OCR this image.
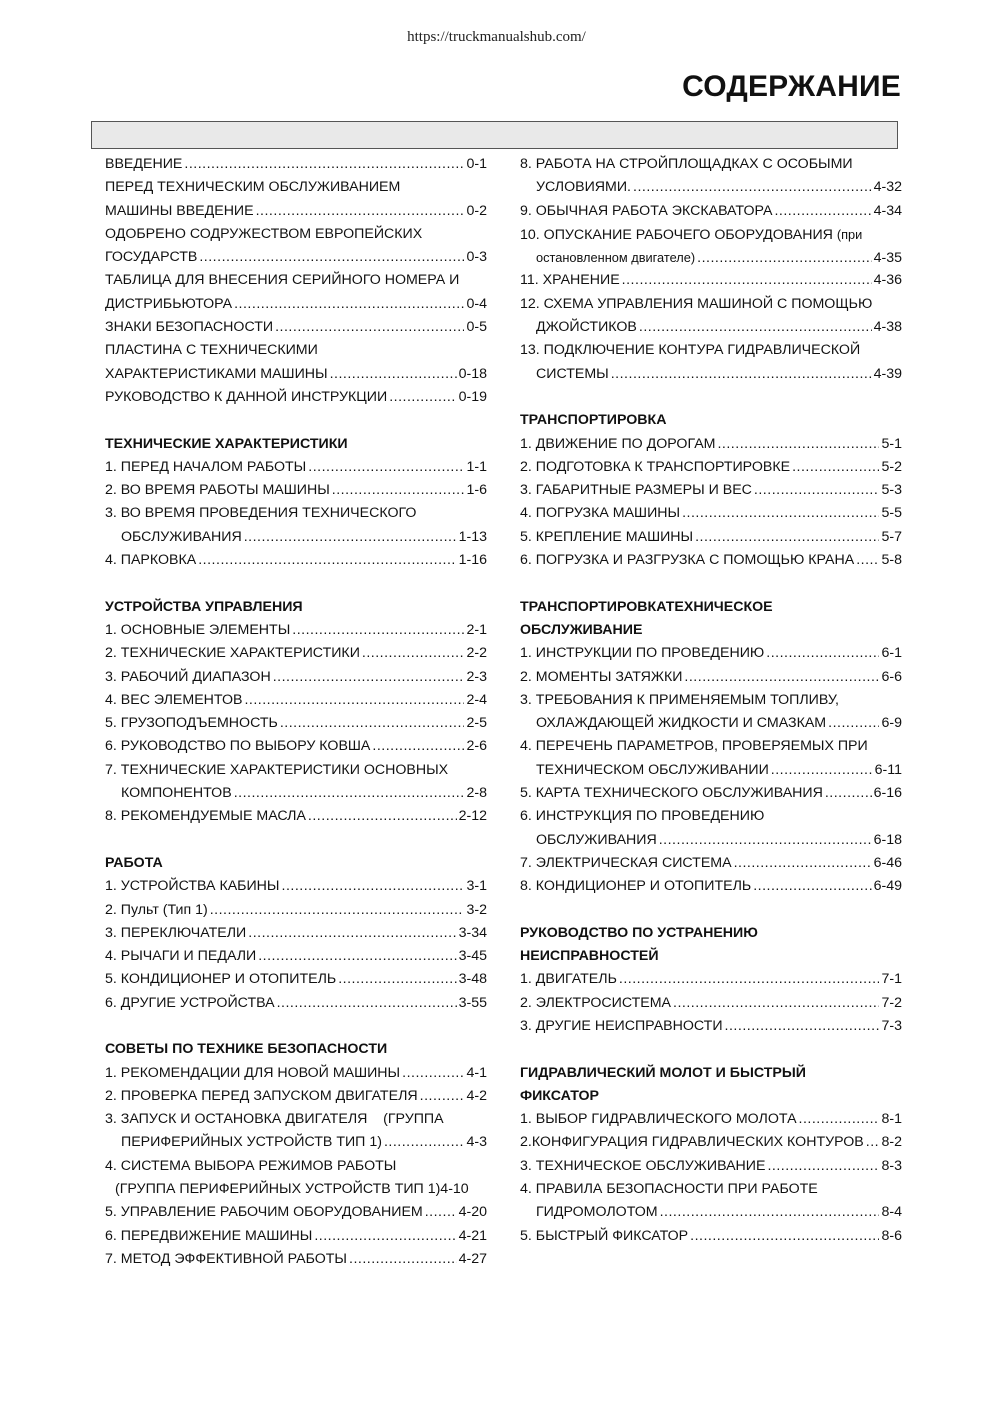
https://truckmanualshub.com/
СОДЕРЖАНИЕ
ВВЕДЕНИЕ .....	0-1
ПЕРЕД ТЕХНИЧЕСКИМ ОБСЛУЖИВАНИЕМ
МАШИНЫ ВВЕДЕНИЕ .....	0-2
ОДОБРЕНО СОДРУЖЕСТВОМ ЕВРОПЕЙСКИХ
ГОСУДАРСТВ .....	0-3
ТАБЛИЦА ДЛЯ ВНЕСЕНИЯ СЕРИЙНОГО НОМЕРА И
ДИСТРИБЬЮТОРА .....	0-4
ЗНАКИ БЕЗОПАСНОСТИ .....	0-5
ПЛАСТИНА С ТЕХНИЧЕСКИМИ
ХАРАКТЕРИСТИКАМИ МАШИНЫ .....	0-18
РУКОВОДСТВО К ДАННОЙ ИНСТРУКЦИИ .....	0-19
ТЕХНИЧЕСКИЕ ХАРАКТЕРИСТИКИ
1. ПЕРЕД НАЧАЛОМ РАБОТЫ .....	1-1
2. ВО ВРЕМЯ РАБОТЫ МАШИНЫ .....	1-6
3. ВО ВРЕМЯ ПРОВЕДЕНИЯ ТЕХНИЧЕСКОГО
ОБСЛУЖИВАНИЯ .....	1-13
4. ПАРКОВКА .....	1-16
УСТРОЙСТВА УПРАВЛЕНИЯ
1. ОСНОВНЫЕ ЭЛЕМЕНТЫ .....	2-1
2. ТЕХНИЧЕСКИЕ ХАРАКТЕРИСТИКИ .....	2-2
3. РАБОЧИЙ ДИАПАЗОН .....	2-3
4. ВЕС ЭЛЕМЕНТОВ .....	2-4
5. ГРУЗОПОДЪЕМНОСТЬ .....	2-5
6. РУКОВОДСТВО ПО ВЫБОРУ КОВША .....	2-6
7. ТЕХНИЧЕСКИЕ ХАРАКТЕРИСТИКИ ОСНОВНЫХ
КОМПОНЕНТОВ .....	2-8
8. РЕКОМЕНДУЕМЫЕ МАСЛА .....	2-12
РАБОТА
1. УСТРОЙСТВА КАБИНЫ .....	3-1
2. Пульт (Тип 1) .....	3-2
3. ПЕРЕКЛЮЧАТЕЛИ .....	3-34
4. РЫЧАГИ И ПЕДАЛИ .....	3-45
5. КОНДИЦИОНЕР И ОТОПИТЕЛЬ .....	3-48
6. ДРУГИЕ УСТРОЙСТВА .....	3-55
СОВЕТЫ ПО ТЕХНИКЕ БЕЗОПАСНОСТИ
1. РЕКОМЕНДАЦИИ ДЛЯ НОВОЙ МАШИНЫ .....	4-1
2. ПРОВЕРКА ПЕРЕД ЗАПУСКОМ ДВИГАТЕЛЯ .....	4-2
3. ЗАПУСК И ОСТАНОВКА ДВИГАТЕЛЯ    (ГРУППА
ПЕРИФЕРИЙНЫХ УСТРОЙСТВ ТИП 1) .....	4-3
4. СИСТЕМА ВЫБОРА РЕЖИМОВ РАБОТЫ
(ГРУППА ПЕРИФЕРИЙНЫХ УСТРОЙСТВ ТИП 1)4-10
5. УПРАВЛЕНИЕ РАБОЧИМ ОБОРУДОВАНИЕМ .....	4-20
6. ПЕРЕДВИЖЕНИЕ МАШИНЫ .....	4-21
7. МЕТОД ЭФФЕКТИВНОЙ РАБОТЫ .....	4-27
8. РАБОТА НА СТРОЙПЛОЩАДКАХ С ОСОБЫМИ
УСЛОВИЯМИ. .....	4-32
9. ОБЫЧНАЯ РАБОТА ЭКСКАВАТОРА .....	4-34
10. ОПУСКАНИЕ РАБОЧЕГО ОБОРУДОВАНИЯ (при
остановленном двигателе) .....	4-35
11. ХРАНЕНИЕ .....	4-36
12. СХЕМА УПРАВЛЕНИЯ МАШИНОЙ С ПОМОЩЬЮ
ДЖОЙСТИКОВ .....	4-38
13. ПОДКЛЮЧЕНИЕ КОНТУРА ГИДРАВЛИЧЕСКОЙ
СИСТЕМЫ .....	4-39
ТРАНСПОРТИРОВКА
1. ДВИЖЕНИЕ ПО ДОРОГАМ .....	5-1
2. ПОДГОТОВКА К ТРАНСПОРТИРОВКЕ .....	5-2
3. ГАБАРИТНЫЕ РАЗМЕРЫ И ВЕС .....	5-3
4. ПОГРУЗКА МАШИНЫ .....	5-5
5. КРЕПЛЕНИЕ МАШИНЫ .....	5-7
6. ПОГРУЗКА И РАЗГРУЗКА С ПОМОЩЬЮ КРАНА ..... 5-8
ТРАНСПОРТИРОВКАТЕХНИЧЕСКОЕ
ОБСЛУЖИВАНИЕ
1. ИНСТРУКЦИИ ПО ПРОВЕДЕНИЮ .....	6-1
2. МОМЕНТЫ ЗАТЯЖКИ .....	6-6
3. ТРЕБОВАНИЯ К ПРИМЕНЯЕМЫМ ТОПЛИВУ,
ОХЛАЖДАЮЩЕЙ ЖИДКОСТИ И СМАЗКАМ .....	6-9
4. ПЕРЕЧЕНЬ ПАРАМЕТРОВ, ПРОВЕРЯЕМЫХ ПРИ
ТЕХНИЧЕСКОМ ОБСЛУЖИВАНИИ .....	6-11
5. КАРТА ТЕХНИЧЕСКОГО ОБСЛУЖИВАНИЯ .....	6-16
6. ИНСТРУКЦИЯ ПО ПРОВЕДЕНИЮ
ОБСЛУЖИВАНИЯ .....	6-18
7. ЭЛЕКТРИЧЕСКАЯ СИСТЕМА .....	6-46
8. КОНДИЦИОНЕР И ОТОПИТЕЛЬ .....	6-49
РУКОВОДСТВО ПО УСТРАНЕНИЮ
НЕИСПРАВНОСТЕЙ
1. ДВИГАТЕЛЬ .....	7-1
2. ЭЛЕКТРОСИСТЕМА .....	7-2
3. ДРУГИЕ НЕИСПРАВНОСТИ .....	7-3
ГИДРАВЛИЧЕСКИЙ МОЛОТ И БЫСТРЫЙ
ФИКСАТОР
1. ВЫБОР ГИДРАВЛИЧЕСКОГО МОЛОТА .....	8-1
2.КОНФИГУРАЦИЯ ГИДРАВЛИЧЕСКИХ КОНТУРОВ ..... 8-2
3. ТЕХНИЧЕСКОЕ ОБСЛУЖИВАНИЕ .....	8-3
4. ПРАВИЛА БЕЗОПАСНОСТИ ПРИ РАБОТЕ
ГИДРОМОЛОТОМ .....	8-4
5. БЫСТРЫЙ ФИКСАТОР .....	8-6
